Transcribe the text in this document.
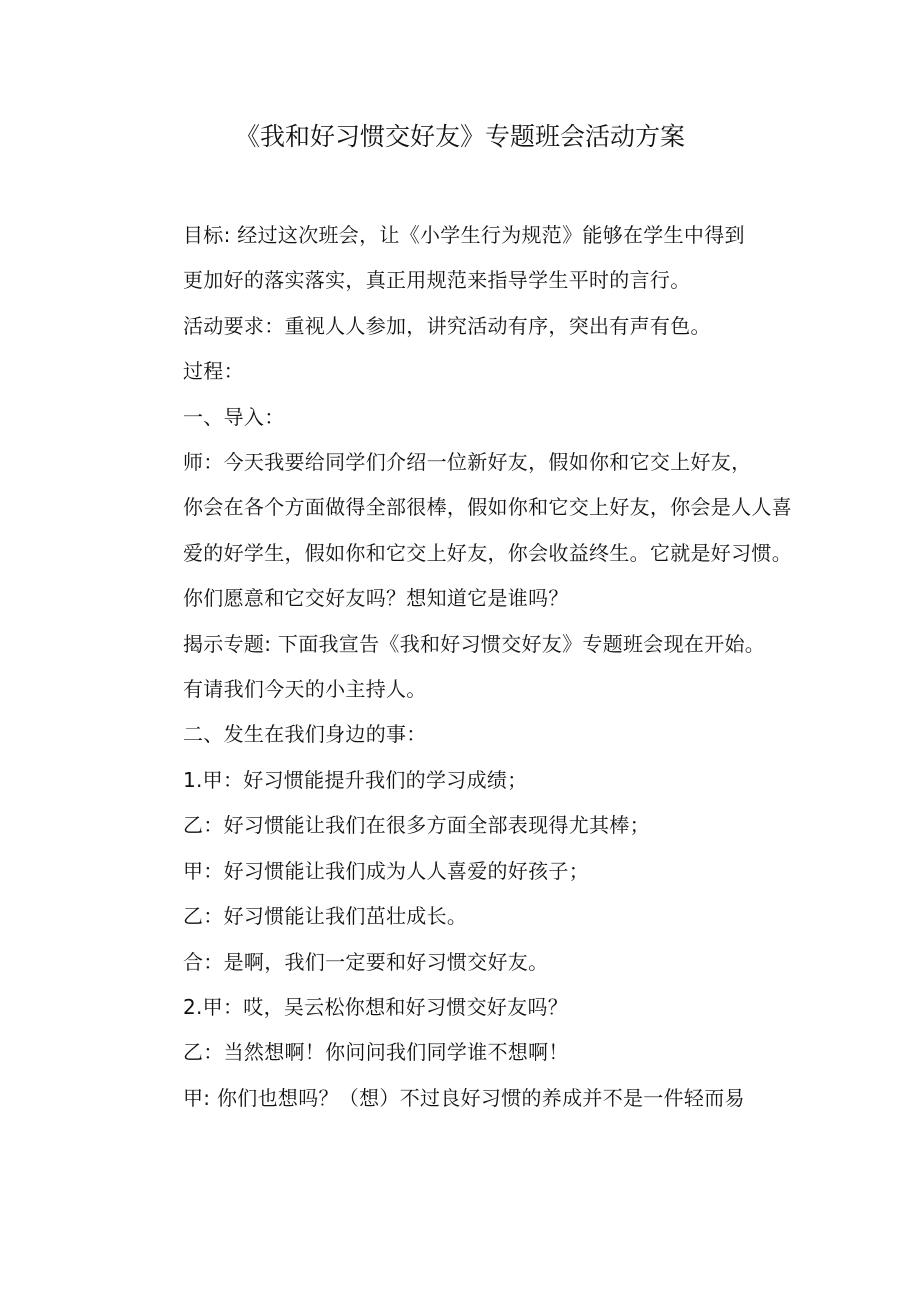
《我和好习惯交好友》专题班会活动方案

目标: 经过这次班会，让《小学生行为规范》能够在学生中得到
更加好的落实落实，真正用规范来指导学生平时的言行。

活动要求：重视人人参加，讲究活动有序，突出有声有色。

过程：

一、导入：

师：今天我要给同学们介绍一位新好友，假如你和它交上好友，
你会在各个方面做得全部很棒，假如你和它交上好友，你会是人人喜
爱的好学生，假如你和它交上好友，你会收益终生。它就是好习惯。
你们愿意和它交好友吗？想知道它是谁吗？

揭示专题: 下面我宣告《我和好习惯交好友》专题班会现在开始。
有请我们今天的小主持人。

二、发生在我们身边的事：

1.甲：好习惯能提升我们的学习成绩；

乙：好习惯能让我们在很多方面全部表现得尤其棒；

甲：好习惯能让我们成为人人喜爱的好孩子；

乙：好习惯能让我们茁壮成长。

合：是啊，我们一定要和好习惯交好友。

2.甲：哎，吴云松你想和好习惯交好友吗？

乙：当然想啊！你问问我们同学谁不想啊！

甲: 你们也想吗？（想）不过良好习惯的养成并不是一件轻而易
